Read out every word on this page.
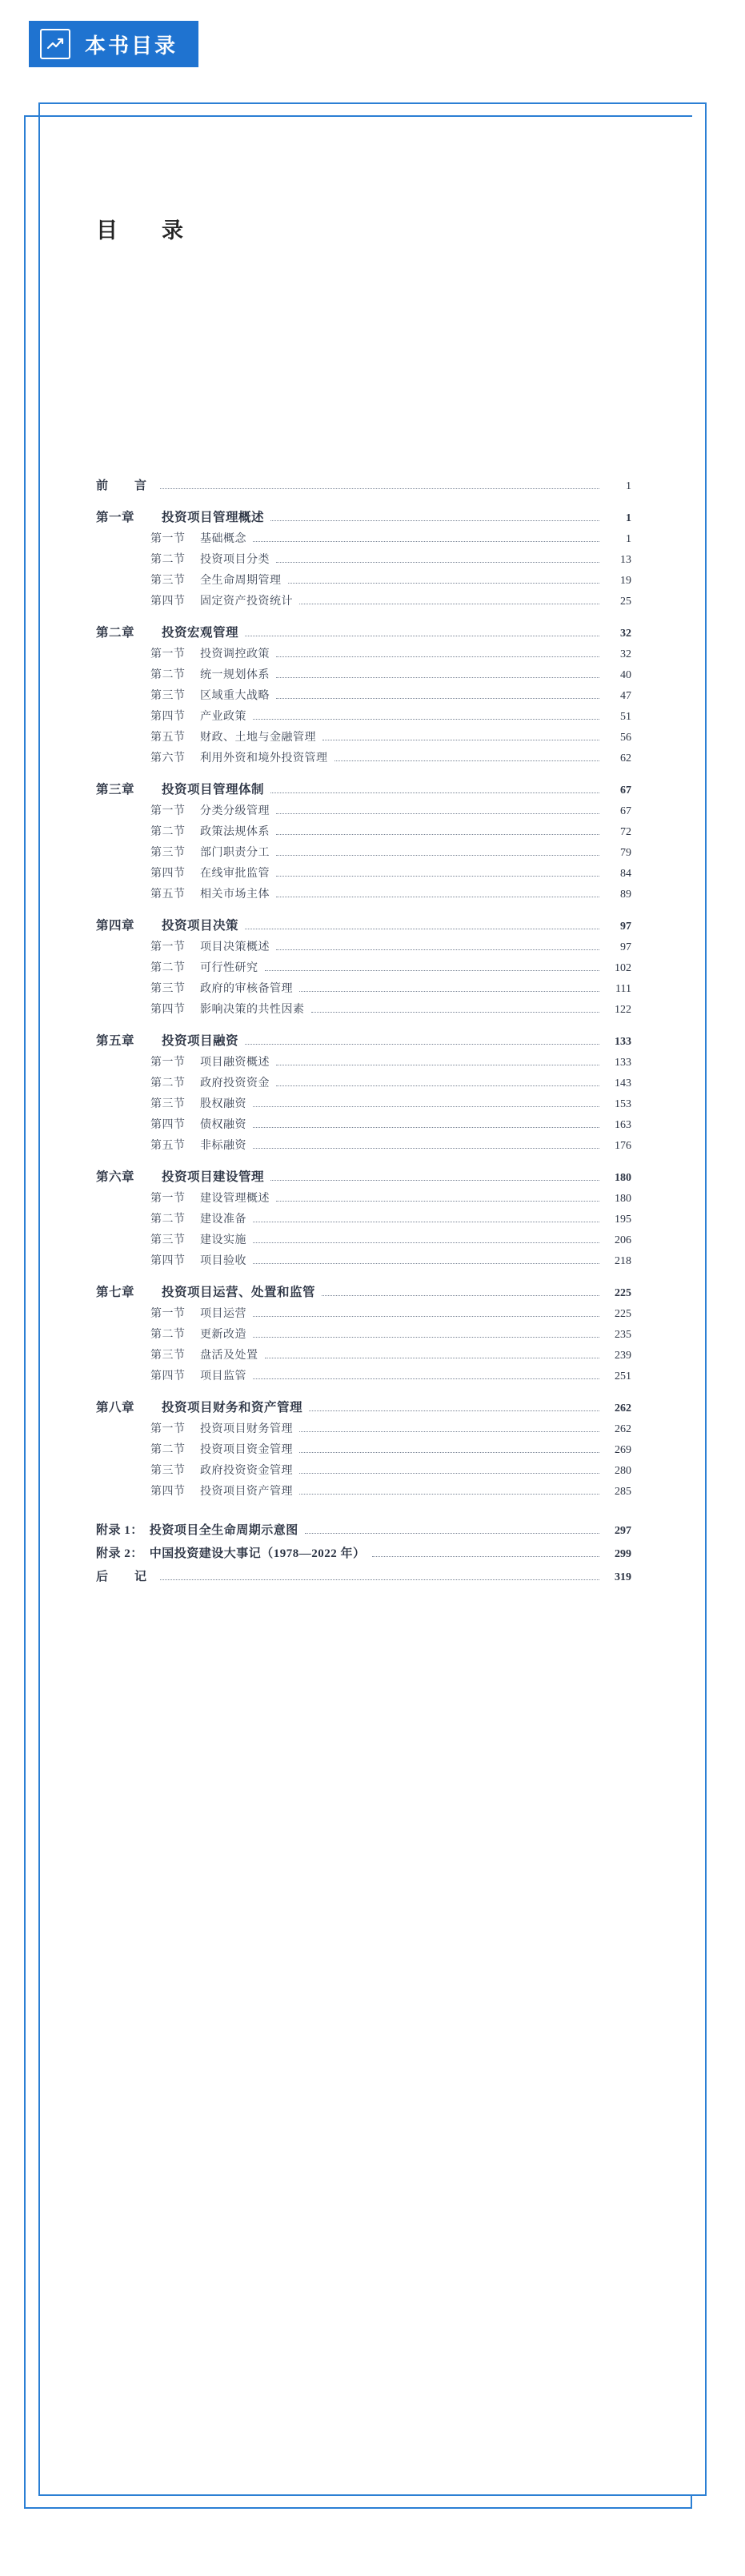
本书目录
目　录
前　言	1
第一章 投资项目管理概述	1
第一节 基础概念	1
第二节 投资项目分类	13
第三节 全生命周期管理	19
第四节 固定资产投资统计	25
第二章 投资宏观管理	32
第一节 投资调控政策	32
第二节 统一规划体系	40
第三节 区域重大战略	47
第四节 产业政策	51
第五节 财政、土地与金融管理	56
第六节 利用外资和境外投资管理	62
第三章 投资项目管理体制	67
第一节 分类分级管理	67
第二节 政策法规体系	72
第三节 部门职责分工	79
第四节 在线审批监管	84
第五节 相关市场主体	89
第四章 投资项目决策	97
第一节 项目决策概述	97
第二节 可行性研究	102
第三节 政府的审核备管理	111
第四节 影响决策的共性因素	122
第五章 投资项目融资	133
第一节 项目融资概述	133
第二节 政府投资资金	143
第三节 股权融资	153
第四节 债权融资	163
第五节 非标融资	176
第六章 投资项目建设管理	180
第一节 建设管理概述	180
第二节 建设准备	195
第三节 建设实施	206
第四节 项目验收	218
第七章 投资项目运营、处置和监管	225
第一节 项目运营	225
第二节 更新改造	235
第三节 盘活及处置	239
第四节 项目监管	251
第八章 投资项目财务和资产管理	262
第一节 投资项目财务管理	262
第二节 投资项目资金管理	269
第三节 政府投资资金管理	280
第四节 投资项目资产管理	285
附录 1：　投资项目全生命周期示意图	297
附录 2：　中国投资建设大事记（1978—2022 年）	299
后　记	319
